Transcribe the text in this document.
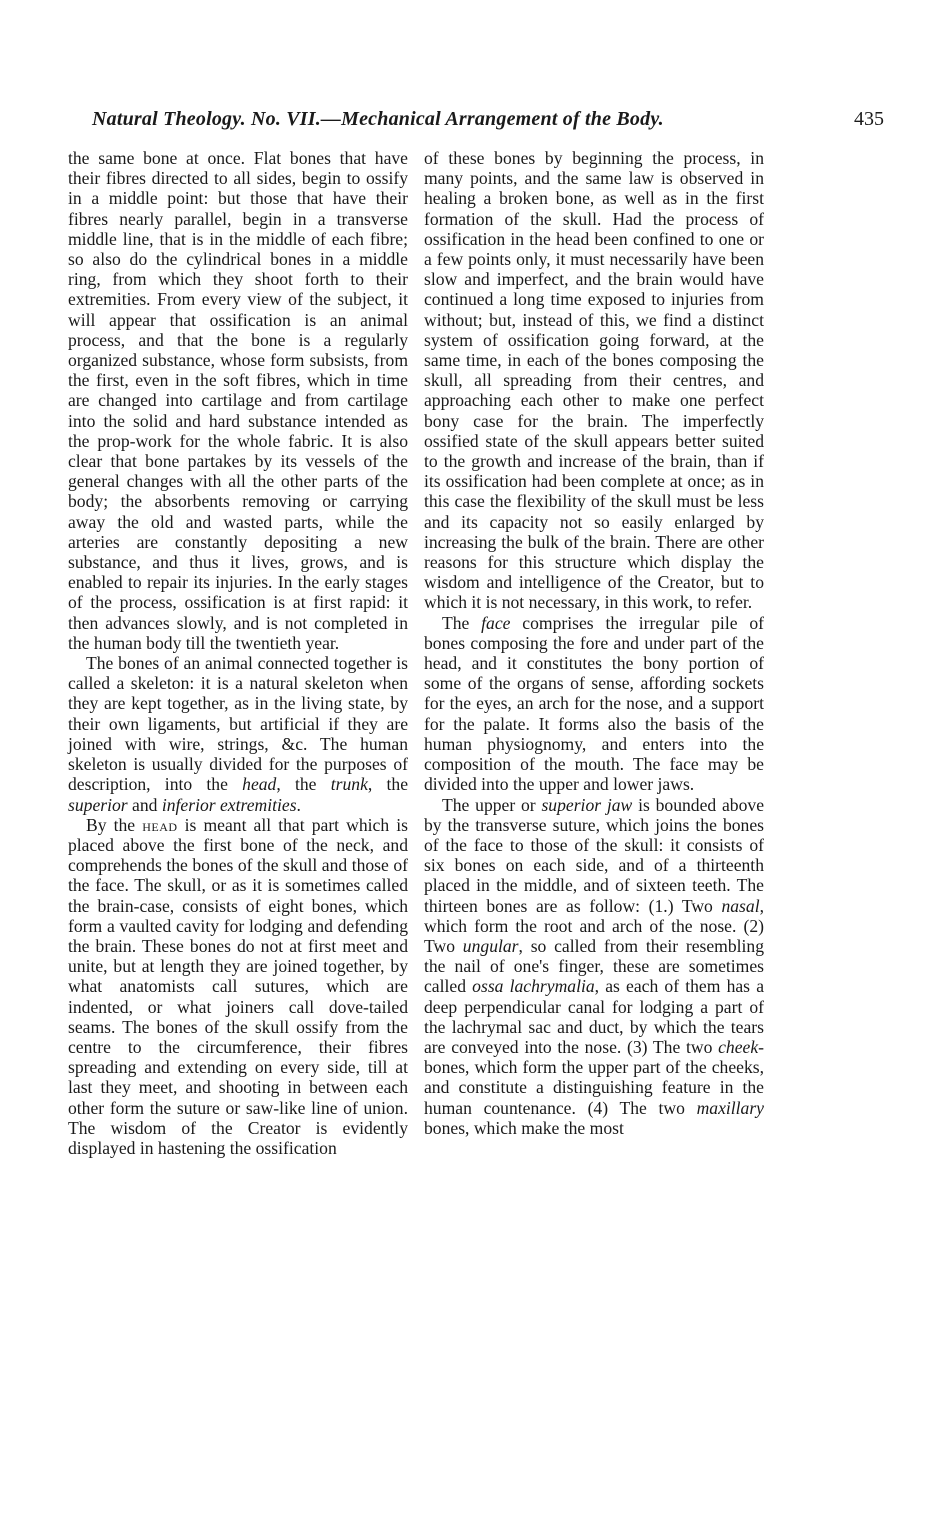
Natural Theology. No. VII.—Mechanical Arrangement of the Body.	435

the same bone at once. Flat bones that have their fibres directed to all sides, begin to ossify in a middle point: but those that have their fibres nearly parallel, begin in a transverse middle line, that is in the middle of each fibre; so also do the cylindrical bones in a middle ring, from which they shoot forth to their extremities. From every view of the subject, it will appear that ossification is an animal process, and that the bone is a regularly organized substance, whose form subsists, from the first, even in the soft fibres, which in time are changed into cartilage and from cartilage into the solid and hard substance intended as the prop-work for the whole fabric. It is also clear that bone partakes by its vessels of the general changes with all the other parts of the body; the absorbents removing or carrying away the old and wasted parts, while the arteries are constantly depositing a new substance, and thus it lives, grows, and is enabled to repair its injuries. In the early stages of the process, ossification is at first rapid: it then advances slowly, and is not completed in the human body till the twentieth year.

The bones of an animal connected together is called a skeleton: it is a natural skeleton when they are kept together, as in the living state, by their own ligaments, but artificial if they are joined with wire, strings, &c. The human skeleton is usually divided for the purposes of description, into the head, the trunk, the superior and inferior extremities.

By the head is meant all that part which is placed above the first bone of the neck, and comprehends the bones of the skull and those of the face. The skull, or as it is sometimes called the brain-case, consists of eight bones, which form a vaulted cavity for lodging and defending the brain. These bones do not at first meet and unite, but at length they are joined together, by what anatomists call sutures, which are indented, or what joiners call dove-tailed seams. The bones of the skull ossify from the centre to the circumference, their fibres spreading and extending on every side, till at last they meet, and shooting in between each other form the suture or saw-like line of union. The wisdom of the Creator is evidently displayed in hastening the ossification

of these bones by beginning the process, in many points, and the same law is observed in healing a broken bone, as well as in the first formation of the skull. Had the process of ossification in the head been confined to one or a few points only, it must necessarily have been slow and imperfect, and the brain would have continued a long time exposed to injuries from without; but, instead of this, we find a distinct system of ossification going forward, at the same time, in each of the bones composing the skull, all spreading from their centres, and approaching each other to make one perfect bony case for the brain. The imperfectly ossified state of the skull appears better suited to the growth and increase of the brain, than if its ossification had been complete at once; as in this case the flexibility of the skull must be less and its capacity not so easily enlarged by increasing the bulk of the brain. There are other reasons for this structure which display the wisdom and intelligence of the Creator, but to which it is not necessary, in this work, to refer.

The face comprises the irregular pile of bones composing the fore and under part of the head, and it constitutes the bony portion of some of the organs of sense, affording sockets for the eyes, an arch for the nose, and a support for the palate. It forms also the basis of the human physiognomy, and enters into the composition of the mouth. The face may be divided into the upper and lower jaws.

The upper or superior jaw is bounded above by the transverse suture, which joins the bones of the face to those of the skull: it consists of six bones on each side, and of a thirteenth placed in the middle, and of sixteen teeth. The thirteen bones are as follow: (1.) Two nasal, which form the root and arch of the nose. (2) Two ungular, so called from their resembling the nail of one's finger, these are sometimes called ossa lachrymalia, as each of them has a deep perpendicular canal for lodging a part of the lachrymal sac and duct, by which the tears are conveyed into the nose. (3) The two cheek-bones, which form the upper part of the cheeks, and constitute a distinguishing feature in the human countenance. (4) The two maxillary bones, which make the most
